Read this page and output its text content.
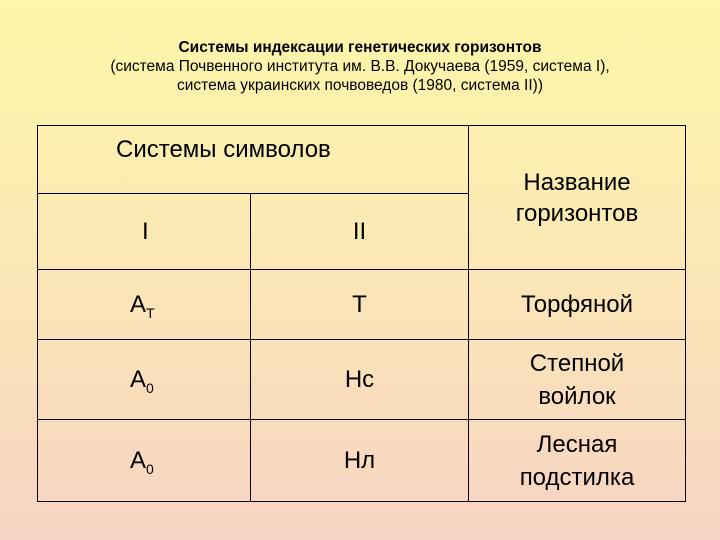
Системы индексации генетических горизонтов
(система Почвенного института им. В.В. Докучаева (1959, система I),
система украинских почвоведов (1980, система II))
Системы символов		Название
горизонтов
I	II	
$A_T$	T	Торфяной
$A_0$	Hc	Степной
войлок
$A_0$	Hл	Лесная
подстилка
